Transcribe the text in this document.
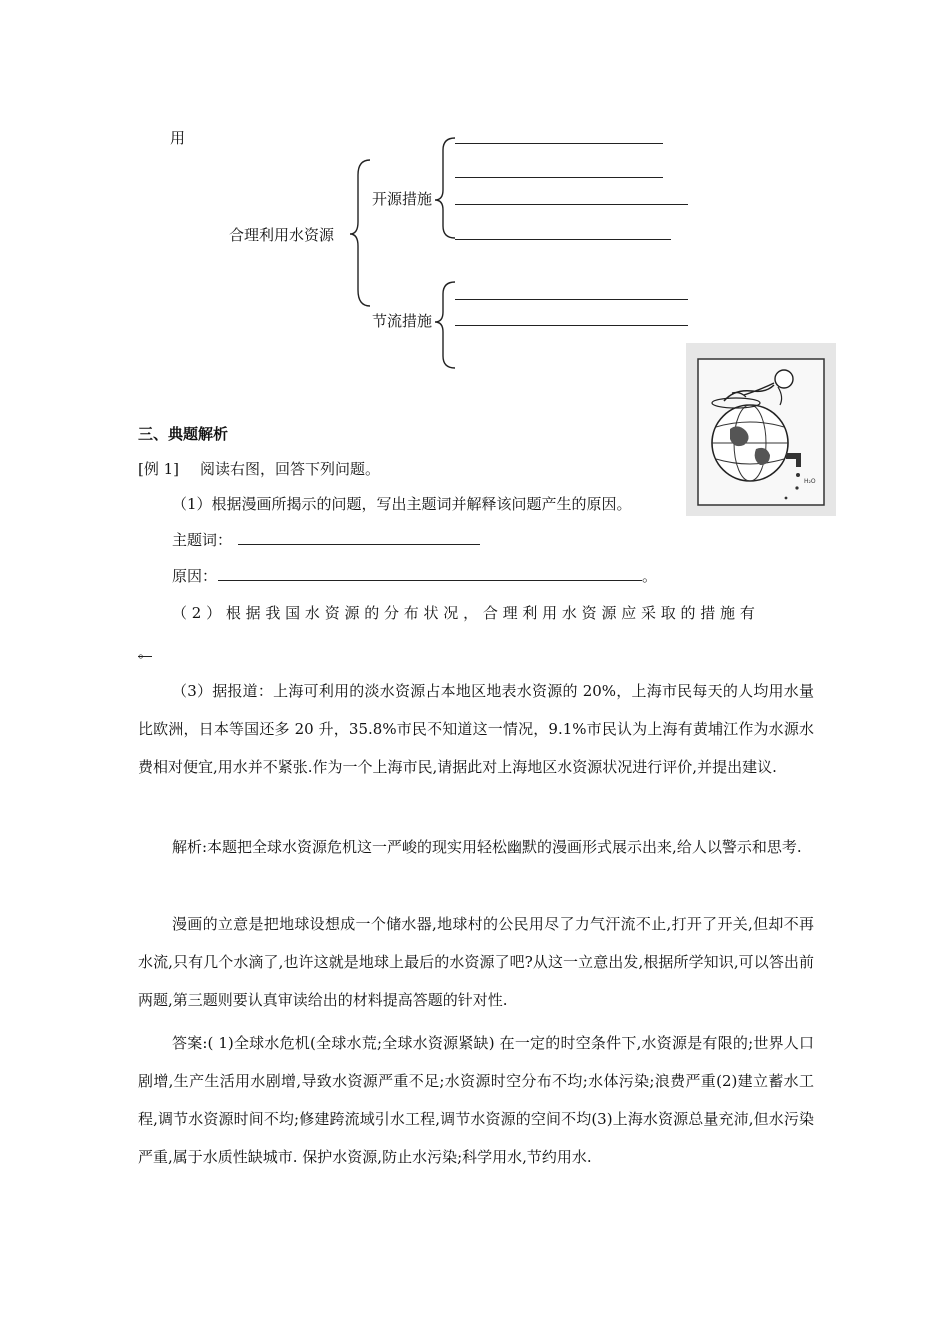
用
合理利用水资源
开源措施
节流措施
H₂O
三、典题解析
[例 1] 阅读右图，回答下列问题。
（1）根据漫画所揭示的问题，写出主题词并解释该问题产生的原因。
主题词：
原因：	。
（ 2 ） 根 据 我 国 水 资 源 的 分 布 状 况 ， 合 理 利 用 水 资 源 应 采 取 的 措 施 有
。
（3）据报道：上海可利用的淡水资源占本地区地表水资源的 20%，上海市民每天的人均用水量比欧洲，日本等国还多 20 升，35.8%市民不知道这一情况，9.1%市民认为上海有黄埔江作为水源水费相对便宜,用水并不紧张.作为一个上海市民,请据此对上海地区水资源状况进行评价,并提出建议.
解析:本题把全球水资源危机这一严峻的现实用轻松幽默的漫画形式展示出来,给人以警示和思考.
漫画的立意是把地球设想成一个储水器,地球村的公民用尽了力气汗流不止,打开了开关,但却不再水流,只有几个水滴了,也许这就是地球上最后的水资源了吧?从这一立意出发,根据所学知识,可以答出前两题,第三题则要认真审读给出的材料提高答题的针对性.
答案:( 1)全球水危机(全球水荒;全球水资源紧缺) 在一定的时空条件下,水资源是有限的;世界人口剧增,生产生活用水剧增,导致水资源严重不足;水资源时空分布不均;水体污染;浪费严重(2)建立蓄水工程,调节水资源时间不均;修建跨流域引水工程,调节水资源的空间不均(3)上海水资源总量充沛,但水污染严重,属于水质性缺城市. 保护水资源,防止水污染;科学用水,节约用水.
